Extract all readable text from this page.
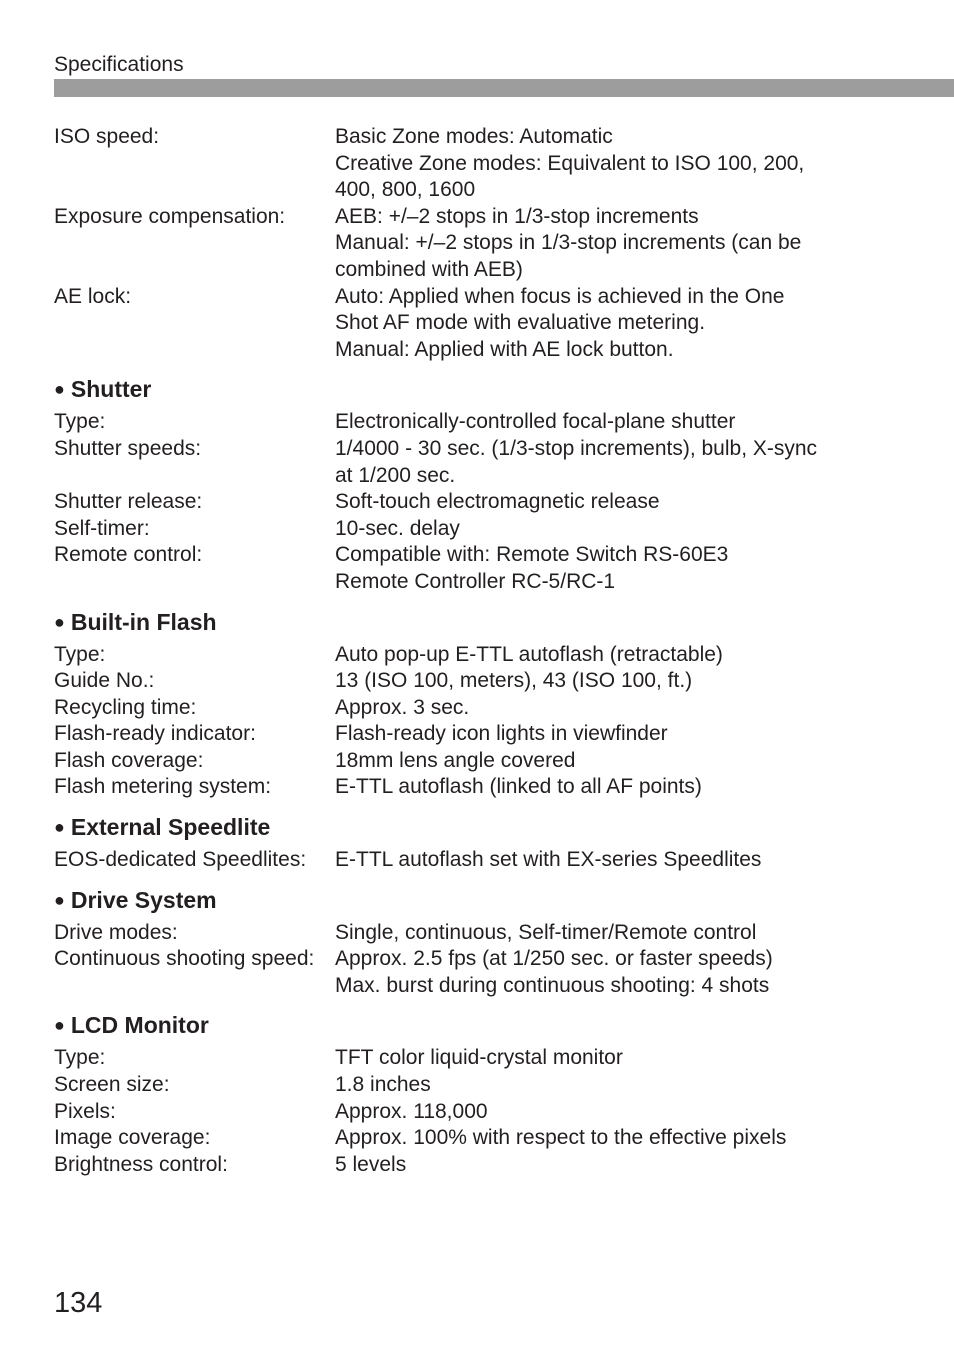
Specifications
ISO speed:	Basic Zone modes: Automatic
Creative Zone modes: Equivalent to ISO 100, 200,
400, 800, 1600
Exposure compensation:	AEB: +/–2 stops in 1/3-stop increments
Manual: +/–2 stops in 1/3-stop increments (can be
combined with AEB)
AE lock:	Auto: Applied when focus is achieved in the One
Shot AF mode with evaluative metering.
Manual: Applied with AE lock button.
● Shutter
Type:	Electronically-controlled focal-plane shutter
Shutter speeds:	1/4000 - 30 sec. (1/3-stop increments), bulb, X-sync
at 1/200 sec.
Shutter release:	Soft-touch electromagnetic release
Self-timer:	10-sec. delay
Remote control:	Compatible with: Remote Switch RS-60E3
Remote Controller RC-5/RC-1
● Built-in Flash
Type:	Auto pop-up E-TTL autoflash (retractable)
Guide No.:	13 (ISO 100, meters), 43 (ISO 100, ft.)
Recycling time:	Approx. 3 sec.
Flash-ready indicator:	Flash-ready icon lights in viewfinder
Flash coverage:	18mm lens angle covered
Flash metering system:	E-TTL autoflash (linked to all AF points)
● External Speedlite
EOS-dedicated Speedlites:	E-TTL autoflash set with EX-series Speedlites
● Drive System
Drive modes:	Single, continuous, Self-timer/Remote control
Continuous shooting speed: Approx. 2.5 fps (at 1/250 sec. or faster speeds)
Max. burst during continuous shooting: 4 shots
● LCD Monitor
Type:	TFT color liquid-crystal monitor
Screen size:	1.8 inches
Pixels:	Approx. 118,000
Image coverage:	Approx. 100% with respect to the effective pixels
Brightness control:	5 levels
134
